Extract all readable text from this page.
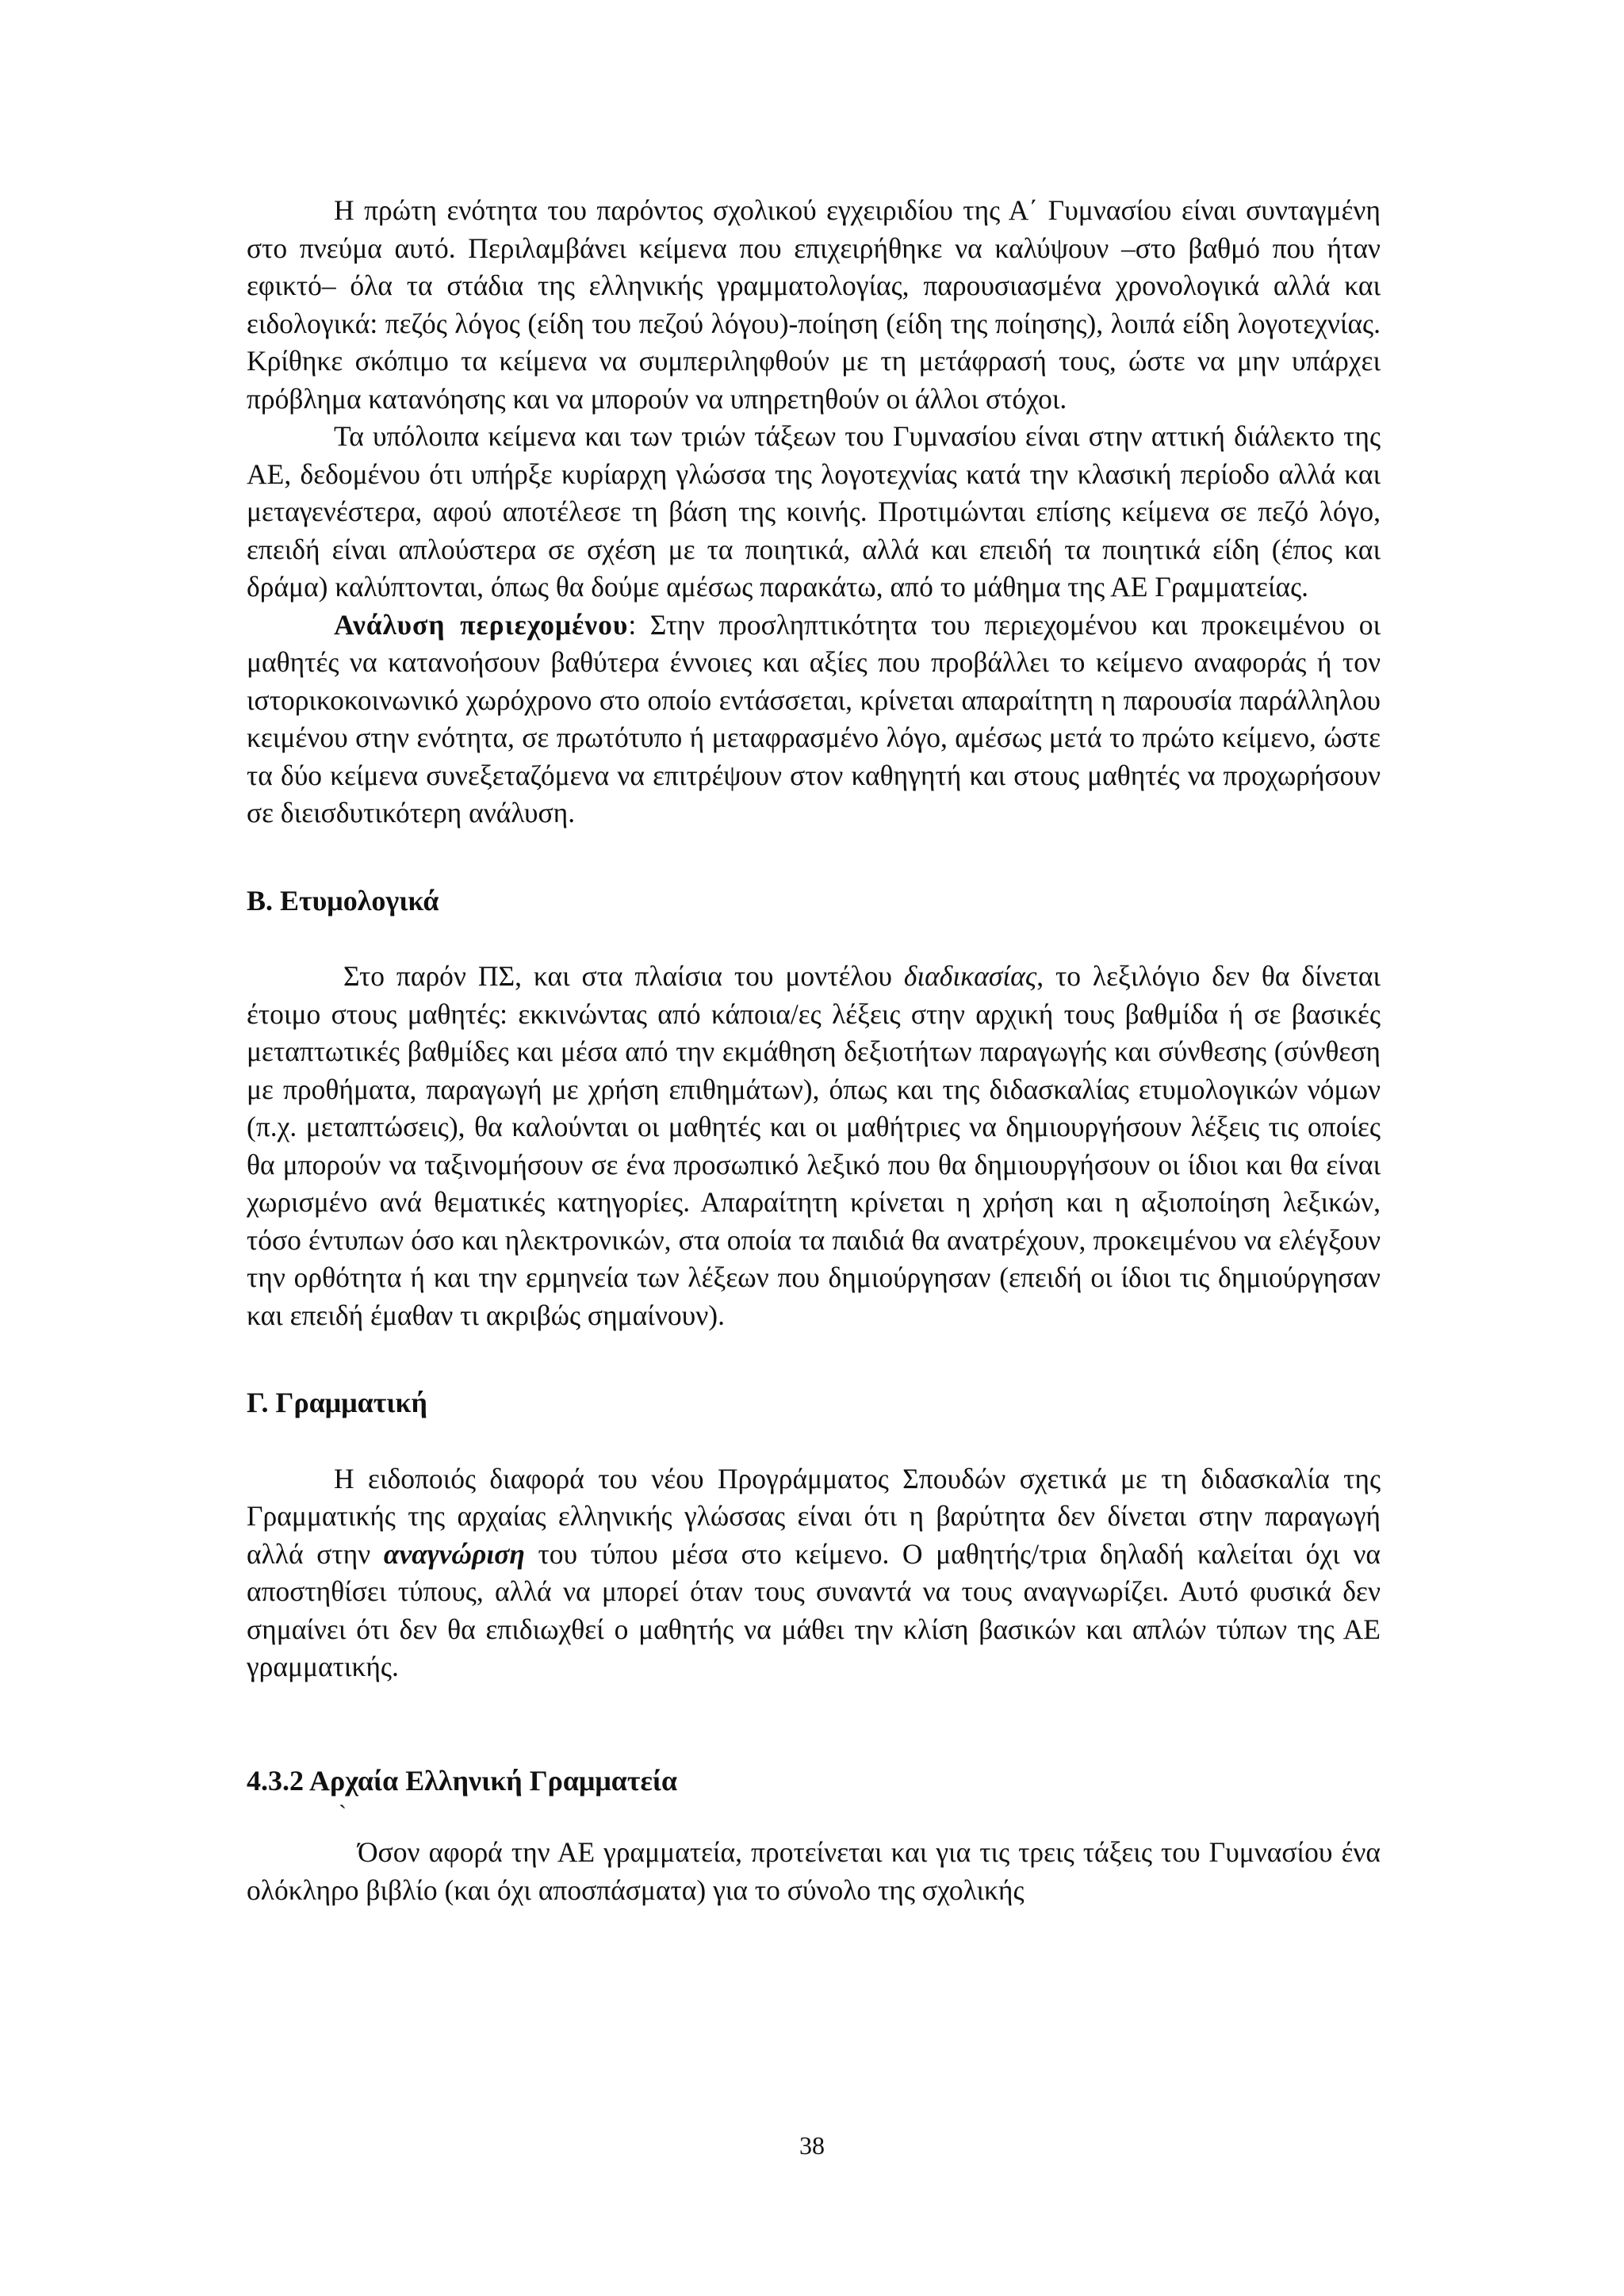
Η πρώτη ενότητα του παρόντος σχολικού εγχειριδίου της Α΄ Γυμνασίου είναι συνταγμένη στο πνεύμα αυτό. Περιλαμβάνει κείμενα που επιχειρήθηκε να καλύψουν –στο βαθμό που ήταν εφικτό– όλα τα στάδια της ελληνικής γραμματολογίας, παρουσιασμένα χρονολογικά αλλά και ειδολογικά: πεζός λόγος (είδη του πεζού λόγου)-ποίηση (είδη της ποίησης), λοιπά είδη λογοτεχνίας. Κρίθηκε σκόπιμο τα κείμενα να συμπεριληφθούν με τη μετάφρασή τους, ώστε να μην υπάρχει πρόβλημα κατανόησης και να μπορούν να υπηρετηθούν οι άλλοι στόχοι.

Τα υπόλοιπα κείμενα και των τριών τάξεων του Γυμνασίου είναι στην αττική διάλεκτο της ΑΕ, δεδομένου ότι υπήρξε κυρίαρχη γλώσσα της λογοτεχνίας κατά την κλασική περίοδο αλλά και μεταγενέστερα, αφού αποτέλεσε τη βάση της κοινής. Προτιμώνται επίσης κείμενα σε πεζό λόγο, επειδή είναι απλούστερα σε σχέση με τα ποιητικά, αλλά και επειδή τα ποιητικά είδη (έπος και δράμα) καλύπτονται, όπως θα δούμε αμέσως παρακάτω, από το μάθημα της ΑΕ Γραμματείας.

Ανάλυση περιεχομένου: Στην προσληπτικότητα του περιεχομένου και προκειμένου οι μαθητές να κατανοήσουν βαθύτερα έννοιες και αξίες που προβάλλει το κείμενο αναφοράς ή τον ιστορικοκοινωνικό χωρόχρονο στο οποίο εντάσσεται, κρίνεται απαραίτητη η παρουσία παράλληλου κειμένου στην ενότητα, σε πρωτότυπο ή μεταφρασμένο λόγο, αμέσως μετά το πρώτο κείμενο, ώστε τα δύο κείμενα συνεξεταζόμενα να επιτρέψουν στον καθηγητή και στους μαθητές να προχωρήσουν σε διεισδυτικότερη ανάλυση.

Β. Ετυμολογικά

Στο παρόν ΠΣ, και στα πλαίσια του μοντέλου διαδικασίας, το λεξιλόγιο δεν θα δίνεται έτοιμο στους μαθητές: εκκινώντας από κάποια/ες λέξεις στην αρχική τους βαθμίδα ή σε βασικές μεταπτωτικές βαθμίδες και μέσα από την εκμάθηση δεξιοτήτων παραγωγής και σύνθεσης (σύνθεση με προθήματα, παραγωγή με χρήση επιθημάτων), όπως και της διδασκαλίας ετυμολογικών νόμων (π.χ. μεταπτώσεις), θα καλούνται οι μαθητές και οι μαθήτριες να δημιουργήσουν λέξεις τις οποίες θα μπορούν να ταξινομήσουν σε ένα προσωπικό λεξικό που θα δημιουργήσουν οι ίδιοι και θα είναι χωρισμένο ανά θεματικές κατηγορίες. Απαραίτητη κρίνεται η χρήση και η αξιοποίηση λεξικών, τόσο έντυπων όσο και ηλεκτρονικών, στα οποία τα παιδιά θα ανατρέχουν, προκειμένου να ελέγξουν την ορθότητα ή και την ερμηνεία των λέξεων που δημιούργησαν (επειδή οι ίδιοι τις δημιούργησαν και επειδή έμαθαν τι ακριβώς σημαίνουν).

Γ. Γραμματική

Η ειδοποιός διαφορά του νέου Προγράμματος Σπουδών σχετικά με τη διδασκαλία της Γραμματικής της αρχαίας ελληνικής γλώσσας είναι ότι η βαρύτητα δεν δίνεται στην παραγωγή αλλά στην αναγνώριση του τύπου μέσα στο κείμενο. Ο μαθητής/τρια δηλαδή καλείται όχι να αποστηθίσει τύπους, αλλά να μπορεί όταν τους συναντά να τους αναγνωρίζει. Αυτό φυσικά δεν σημαίνει ότι δεν θα επιδιωχθεί ο μαθητής να μάθει την κλίση βασικών και απλών τύπων της ΑΕ γραμματικής.

4.3.2 Αρχαία Ελληνική Γραμματεία
`

Όσον αφορά την ΑΕ γραμματεία, προτείνεται και για τις τρεις τάξεις του Γυμνασίου ένα ολόκληρο βιβλίο (και όχι αποσπάσματα) για το σύνολο της σχολικής

38
